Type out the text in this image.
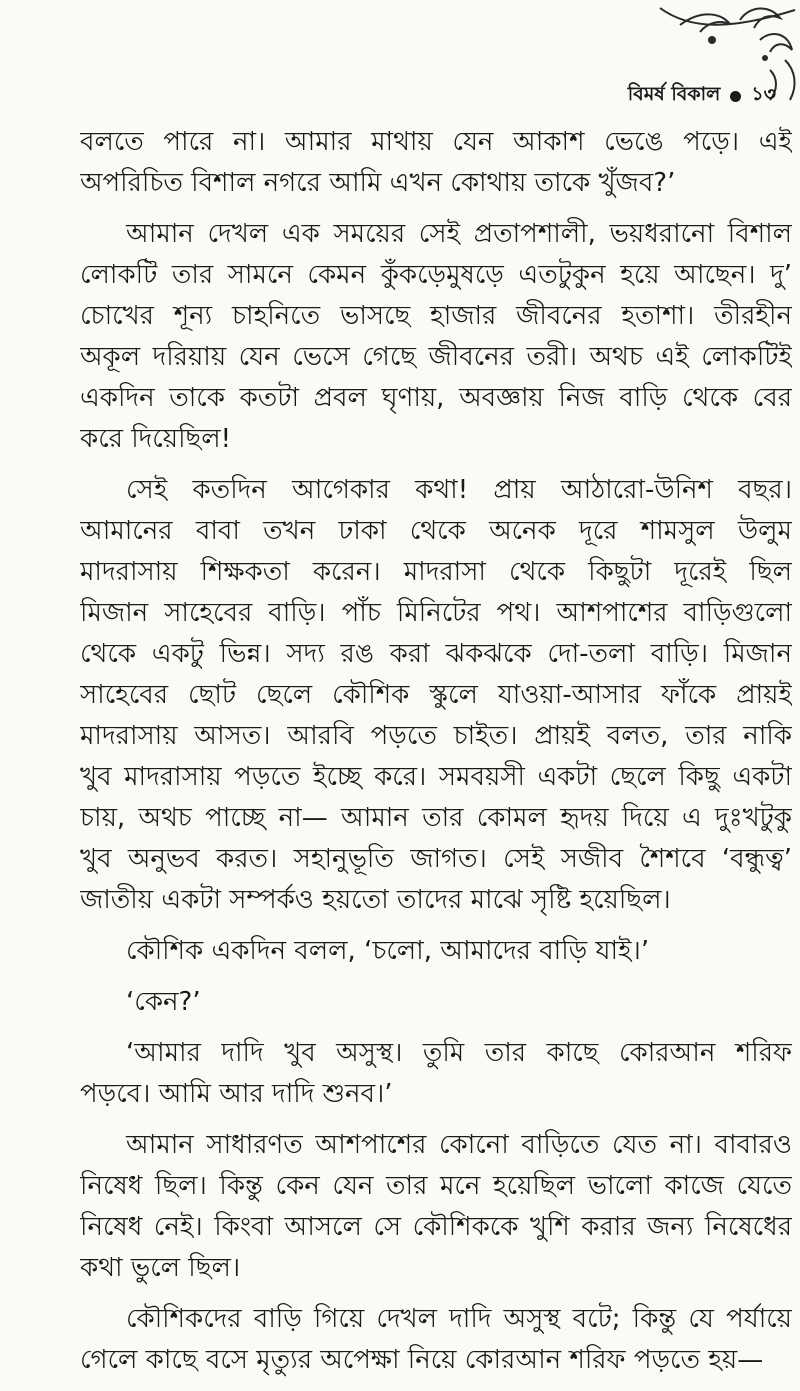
বিমর্ষ বিকাল ১৩
বলতে পারে না। আমার মাথায় যেন আকাশ ভেঙে পড়ে। এই
অপরিচিত বিশাল নগরে আমি এখন কোথায় তাকে খুঁজব?’
আমান দেখল এক সময়ের সেই প্রতাপশালী, ভয়ধরানো বিশাল
লোকটি তার সামনে কেমন কুঁকড়েমুষড়ে এতটুকুন হয়ে আছেন। দু’
চোখের শূন্য চাহনিতে ভাসছে হাজার জীবনের হতাশা। তীরহীন
অকূল দরিয়ায় যেন ভেসে গেছে জীবনের তরী। অথচ এই লোকটিই
একদিন তাকে কতটা প্রবল ঘৃণায়, অবজ্ঞায় নিজ বাড়ি থেকে বের
করে দিয়েছিল!
সেই কতদিন আগেকার কথা! প্রায় আঠারো-উনিশ বছর।
আমানের বাবা তখন ঢাকা থেকে অনেক দূরে শামসুল উলুম
মাদরাসায় শিক্ষকতা করেন। মাদরাসা থেকে কিছুটা দূরেই ছিল
মিজান সাহেবের বাড়ি। পাঁচ মিনিটের পথ। আশপাশের বাড়িগুলো
থেকে একটু ভিন্ন। সদ্য রঙ করা ঝকঝকে দো-তলা বাড়ি। মিজান
সাহেবের ছোট ছেলে কৌশিক স্কুলে যাওয়া-আসার ফাঁকে প্রায়ই
মাদরাসায় আসত। আরবি পড়তে চাইত। প্রায়ই বলত, তার নাকি
খুব মাদরাসায় পড়তে ইচ্ছে করে। সমবয়সী একটা ছেলে কিছু একটা
চায়, অথচ পাচ্ছে না— আমান তার কোমল হৃদয় দিয়ে এ দুঃখটুকু
খুব অনুভব করত। সহানুভূতি জাগত। সেই সজীব শৈশবে ‘বন্ধুত্ব’
জাতীয় একটা সম্পর্কও হয়তো তাদের মাঝে সৃষ্টি হয়েছিল।
কৌশিক একদিন বলল, ‘চলো, আমাদের বাড়ি যাই।’
‘কেন?’
‘আমার দাদি খুব অসুস্থ। তুমি তার কাছে কোরআন শরিফ
পড়বে। আমি আর দাদি শুনব।’
আমান সাধারণত আশপাশের কোনো বাড়িতে যেত না। বাবারও
নিষেধ ছিল। কিন্তু কেন যেন তার মনে হয়েছিল ভালো কাজে যেতে
নিষেধ নেই। কিংবা আসলে সে কৌশিককে খুশি করার জন্য নিষেধের
কথা ভুলে ছিল।
কৌশিকদের বাড়ি গিয়ে দেখল দাদি অসুস্থ বটে; কিন্তু যে পর্যায়ে
গেলে কাছে বসে মৃত্যুর অপেক্ষা নিয়ে কোরআন শরিফ পড়তে হয়—
